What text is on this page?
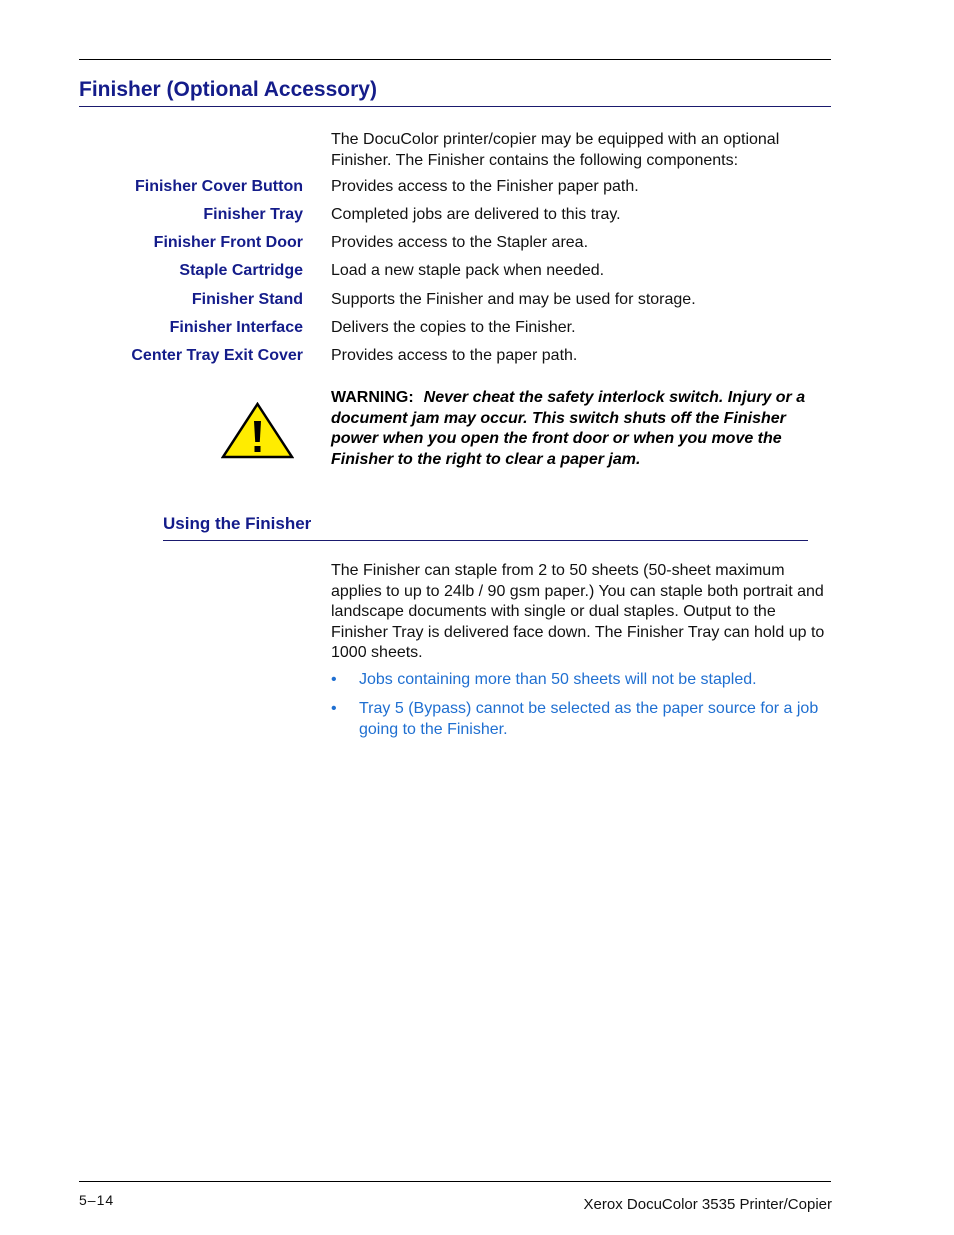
Finisher (Optional Accessory)
The DocuColor printer/copier may be equipped with an optional Finisher. The Finisher contains the following components:
Finisher Cover Button Provides access to the Finisher paper path.
Finisher Tray Completed jobs are delivered to this tray.
Finisher Front Door Provides access to the Stapler area.
Staple Cartridge Load a new staple pack when needed.
Finisher Stand Supports the Finisher and may be used for storage.
Finisher Interface Delivers the copies to the Finisher.
Center Tray Exit Cover Provides access to the paper path.
WARNING: Never cheat the safety interlock switch. Injury or a document jam may occur. This switch shuts off the Finisher power when you open the front door or when you move the Finisher to the right to clear a paper jam.
Using the Finisher
The Finisher can staple from 2 to 50 sheets (50-sheet maximum applies to up to 24lb / 90 gsm paper.) You can staple both portrait and landscape documents with single or dual staples. Output to the Finisher Tray is delivered face down. The Finisher Tray can hold up to 1000 sheets.
• Jobs containing more than 50 sheets will not be stapled.
• Tray 5 (Bypass) cannot be selected as the paper source for a job going to the Finisher.
5–14	Xerox DocuColor 3535 Printer/Copier
